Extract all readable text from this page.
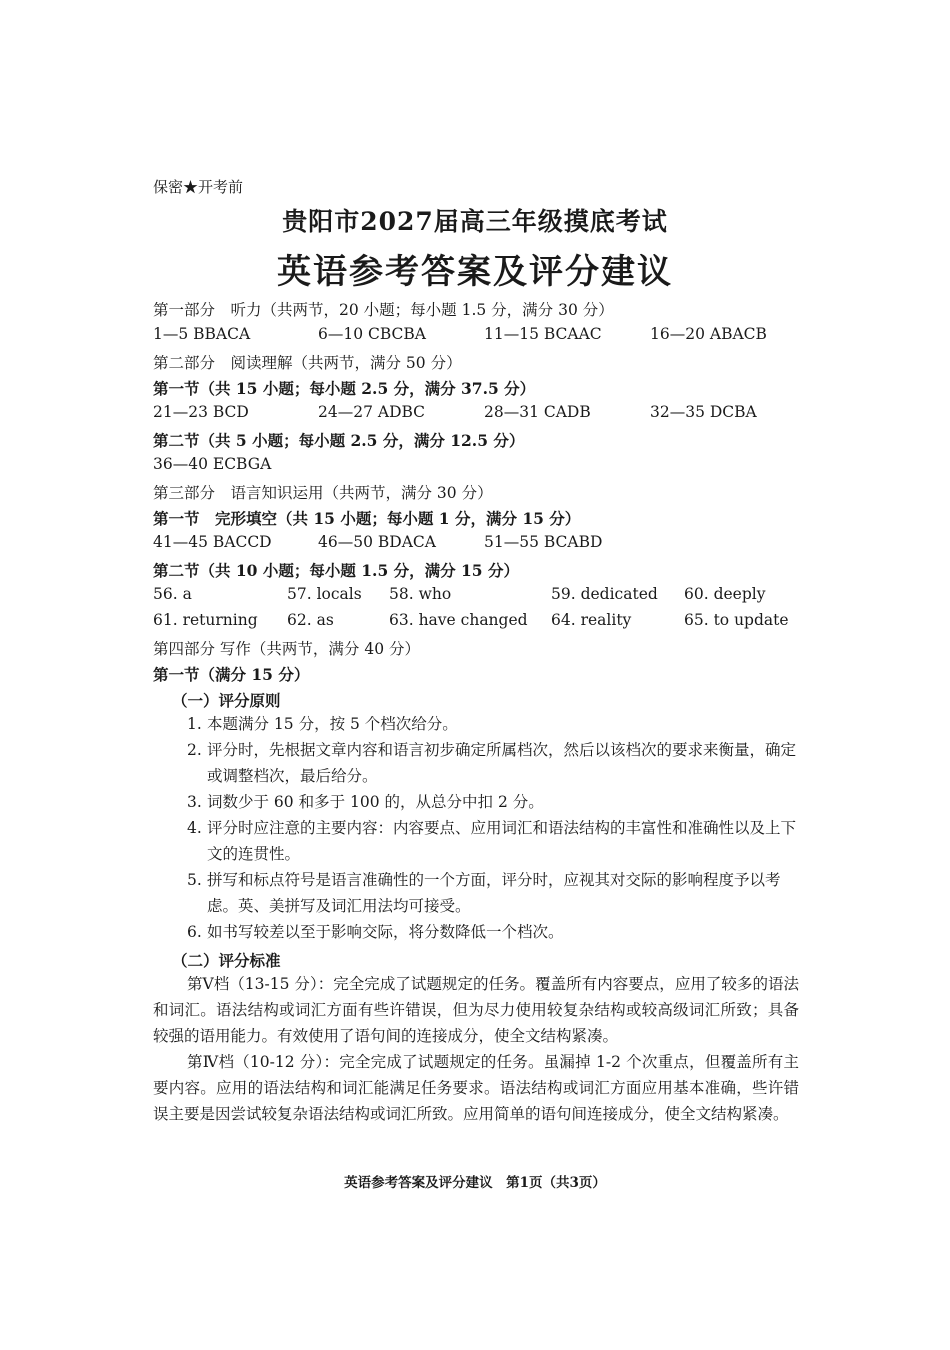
保密★开考前
贵阳市2027届高三年级摸底考试
英语参考答案及评分建议
第一部分　听力（共两节，20 小题；每小题 1.5 分，满分 30 分）
1—5 BBACA	6—10 CBCBA	11—15 BCAAC	16—20 ABACB
第二部分　阅读理解（共两节，满分 50 分）
第一节（共 15 小题；每小题 2.5 分，满分 37.5 分）
21—23 BCD	24—27 ADBC	28—31 CADB	32—35 DCBA
第二节（共 5 小题；每小题 2.5 分，满分 12.5 分）
36—40 ECBGA
第三部分　语言知识运用（共两节，满分 30 分）
第一节　完形填空（共 15 小题；每小题 1 分，满分 15 分）
41—45 BACCD	46—50 BDACA	51—55 BCABD
第二节（共 10 小题；每小题 1.5 分，满分 15 分）
56. a	57. locals 58. who	59. dedicated 60. deeply
61. returning 62. as	63. have changed 64. reality	65. to update
第四部分 写作（共两节，满分 40 分）
第一节（满分 15 分）
（一）评分原则
1. 本题满分 15 分，按 5 个档次给分。
2. 评分时，先根据文章内容和语言初步确定所属档次，然后以该档次的要求来衡量，确定或调整档次，最后给分。
3. 词数少于 60 和多于 100 的，从总分中扣 2 分。
4. 评分时应注意的主要内容：内容要点、应用词汇和语法结构的丰富性和准确性以及上下文的连贯性。
5. 拼写和标点符号是语言准确性的一个方面，评分时，应视其对交际的影响程度予以考虑。英、美拼写及词汇用法均可接受。
6. 如书写较差以至于影响交际，将分数降低一个档次。
（二）评分标准
第Ⅴ档（13-15 分）：完全完成了试题规定的任务。覆盖所有内容要点，应用了较多的语法和词汇。语法结构或词汇方面有些许错误，但为尽力使用较复杂结构或较高级词汇所致；具备较强的语用能力。有效使用了语句间的连接成分，使全文结构紧凑。
第Ⅳ档（10-12 分）：完全完成了试题规定的任务。虽漏掉 1-2 个次重点，但覆盖所有主要内容。应用的语法结构和词汇能满足任务要求。语法结构或词汇方面应用基本准确，些许错误主要是因尝试较复杂语法结构或词汇所致。应用简单的语句间连接成分，使全文结构紧凑。
英语参考答案及评分建议　第1页（共3页）
